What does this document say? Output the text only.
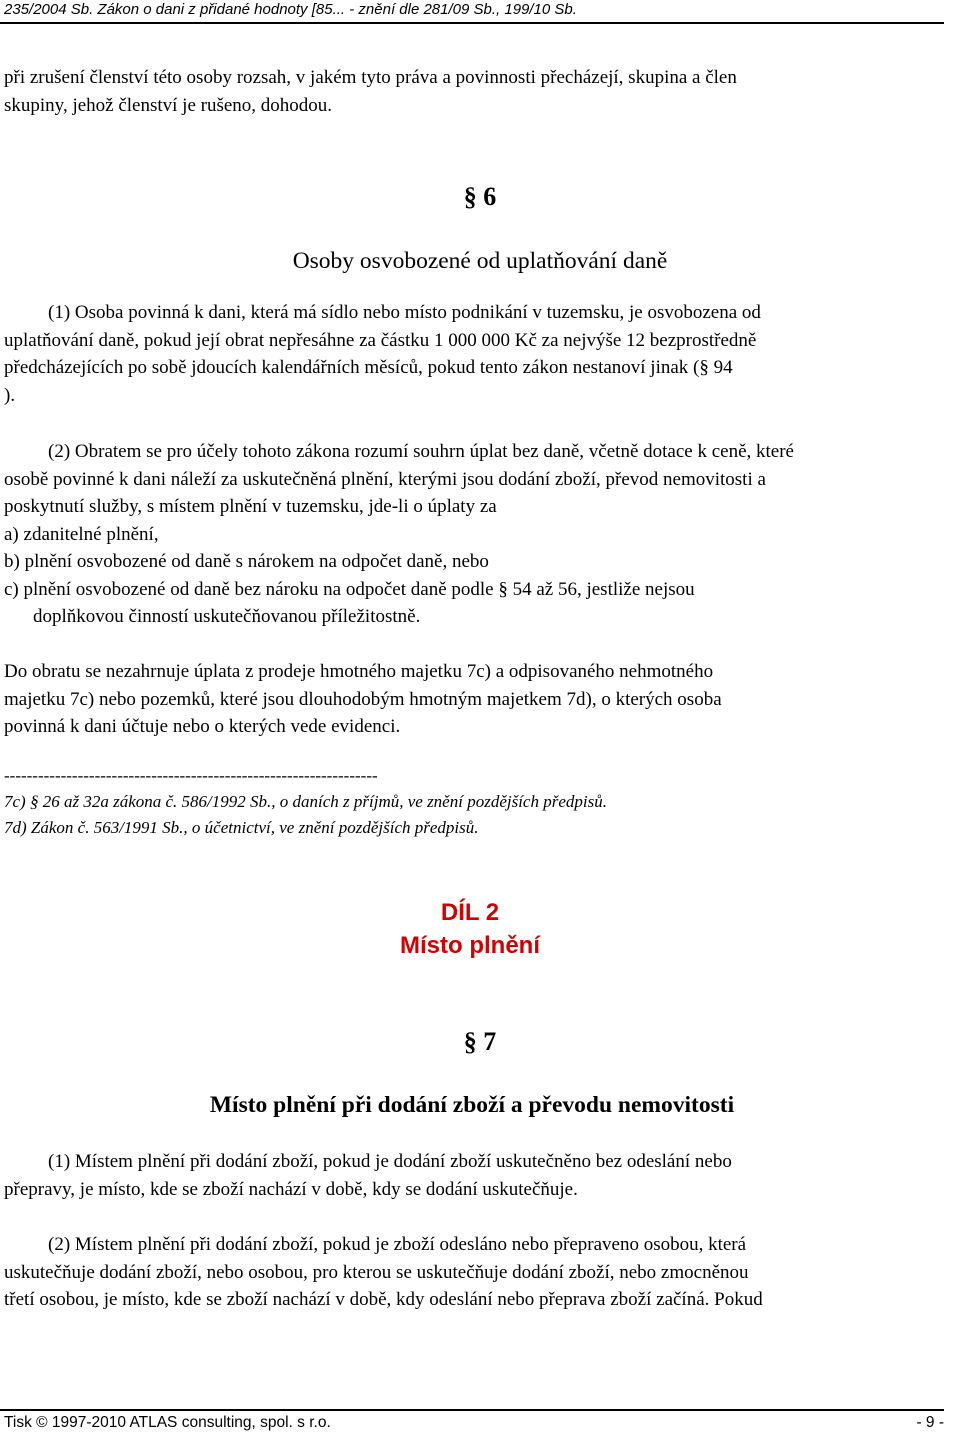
235/2004 Sb. Zákon o dani z přidané hodnoty [85... - znění dle 281/09 Sb., 199/10 Sb.
při zrušení členství této osoby rozsah, v jakém tyto práva a povinnosti přecházejí, skupina a člen
skupiny, jehož členství je rušeno, dohodou.
§ 6
Osoby osvobozené od uplatňování daně
(1) Osoba povinná k dani, která má sídlo nebo místo podnikání v tuzemsku, je osvobozena od
uplatňování daně, pokud její obrat nepřesáhne za částku 1 000 000 Kč za nejvýše 12 bezprostředně
předcházejících po sobě jdoucích kalendářních měsíců, pokud tento zákon nestanoví jinak (§ 94
).
(2) Obratem se pro účely tohoto zákona rozumí souhrn úplat bez daně, včetně dotace k ceně, které
osobě povinné k dani náleží za uskutečněná plnění, kterými jsou dodání zboží, převod nemovitosti a
poskytnutí služby, s místem plnění v tuzemsku, jde-li o úplaty za
a) zdanitelné plnění,
b) plnění osvobozené od daně s nárokem na odpočet daně, nebo
c) plnění osvobozené od daně bez nároku na odpočet daně podle § 54 až 56, jestliže nejsou
doplňkovou činností uskutečňovanou příležitostně.
Do obratu se nezahrnuje úplata z prodeje hmotného majetku 7c) a odpisovaného nehmotného
majetku 7c) nebo pozemků, které jsou dlouhodobým hmotným majetkem 7d), o kterých osoba
povinná k dani účtuje nebo o kterých vede evidenci.
------------------------------------------------------------------
7c) § 26 až 32a zákona č. 586/1992 Sb., o daních z příjmů, ve znění pozdějších předpisů.
7d) Zákon č. 563/1991 Sb., o účetnictví, ve znění pozdějších předpisů.
DÍL 2
Místo plnění
§ 7
Místo plnění při dodání zboží a převodu nemovitosti
(1) Místem plnění při dodání zboží, pokud je dodání zboží uskutečněno bez odeslání nebo
přepravy, je místo, kde se zboží nachází v době, kdy se dodání uskutečňuje.
(2) Místem plnění při dodání zboží, pokud je zboží odesláno nebo přepraveno osobou, která
uskutečňuje dodání zboží, nebo osobou, pro kterou se uskutečňuje dodání zboží, nebo zmocněnou
třetí osobou, je místo, kde se zboží nachází v době, kdy odeslání nebo přeprava zboží začíná. Pokud
Tisk © 1997-2010 ATLAS consulting, spol. s r.o.	- 9 -
